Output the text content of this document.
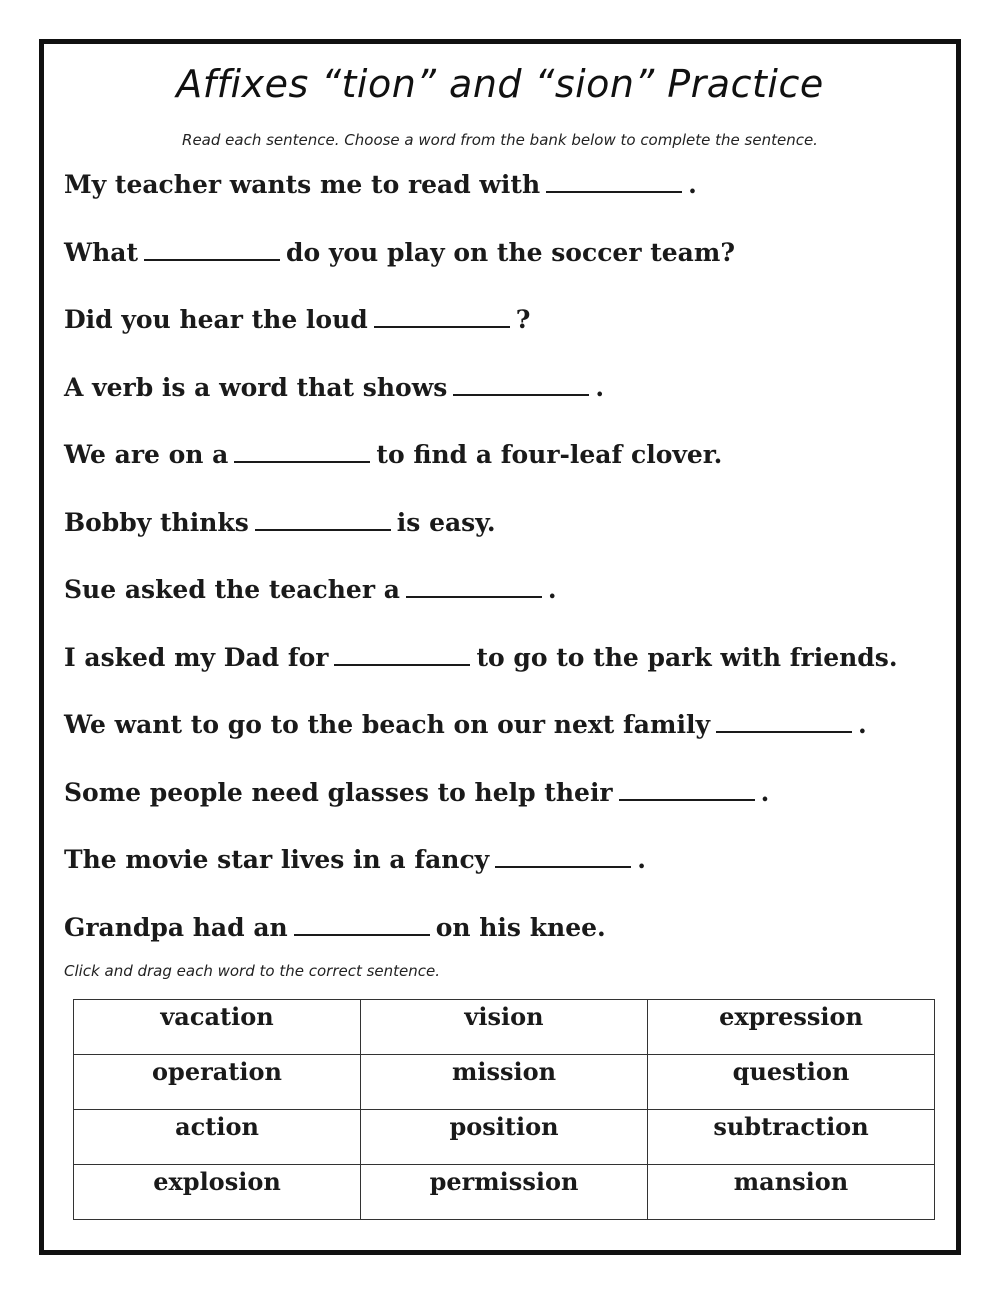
Affixes “tion” and “sion” Practice
Read each sentence. Choose a word from the bank below to complete the sentence.
My teacher wants me to read with	.
What	do you play on the soccer team?
Did you hear the loud	?
A verb is a word that shows	.
We are on a	to find a four-leaf clover.
Bobby thinks	is easy.
Sue asked the teacher a	.
I asked my Dad for	to go to the park with friends.
We want to go to the beach on our next family	.
Some people need glasses to help their	.
The movie star lives in a fancy	.
Grandpa had an	on his knee.
Click and drag each word to the correct sentence.
vacation	vision	expression
operation	mission	question
action	position	subtraction
explosion	permission	mansion
